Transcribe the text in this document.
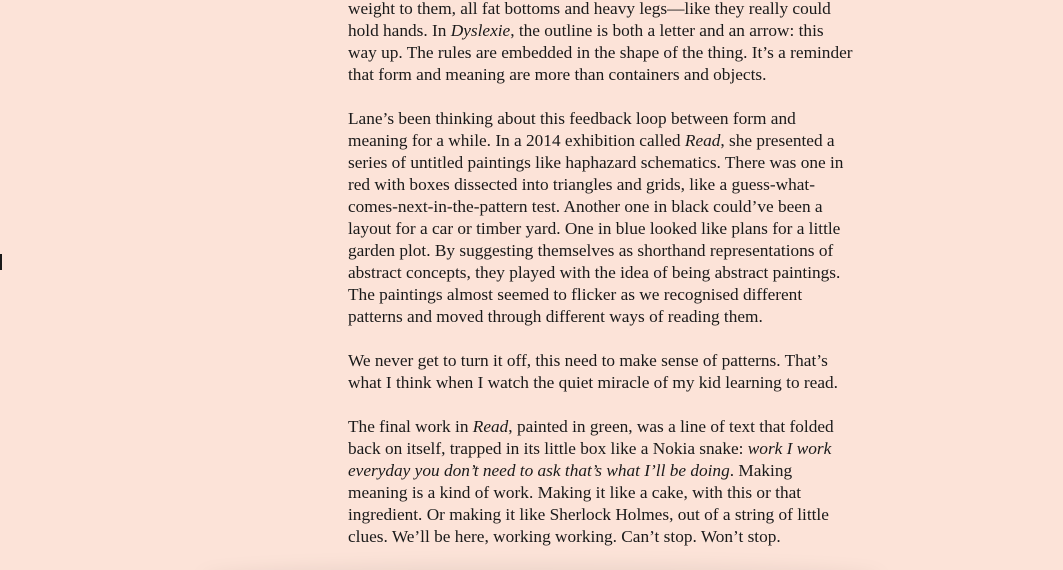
weight to them, all fat bottoms and heavy legs—like they really could
hold hands. In Dyslexie, the outline is both a letter and an arrow: this
way up. The rules are embedded in the shape of the thing. It’s a reminder
that form and meaning are more than containers and objects.

Lane’s been thinking about this feedback loop between form and
meaning for a while. In a 2014 exhibition called Read, she presented a
series of untitled paintings like haphazard schematics. There was one in
red with boxes dissected into triangles and grids, like a guess-what-
comes-next-in-the-pattern test. Another one in black could’ve been a
layout for a car or timber yard. One in blue looked like plans for a little
garden plot. By suggesting themselves as shorthand representations of
abstract concepts, they played with the idea of being abstract paintings.
The paintings almost seemed to flicker as we recognised different
patterns and moved through different ways of reading them.

We never get to turn it off, this need to make sense of patterns. That’s
what I think when I watch the quiet miracle of my kid learning to read.

The final work in Read, painted in green, was a line of text that folded
back on itself, trapped in its little box like a Nokia snake: work I work
everyday you don’t need to ask that’s what I’ll be doing. Making
meaning is a kind of work. Making it like a cake, with this or that
ingredient. Or making it like Sherlock Holmes, out of a string of little
clues. We’ll be here, working working. Can’t stop. Won’t stop.
